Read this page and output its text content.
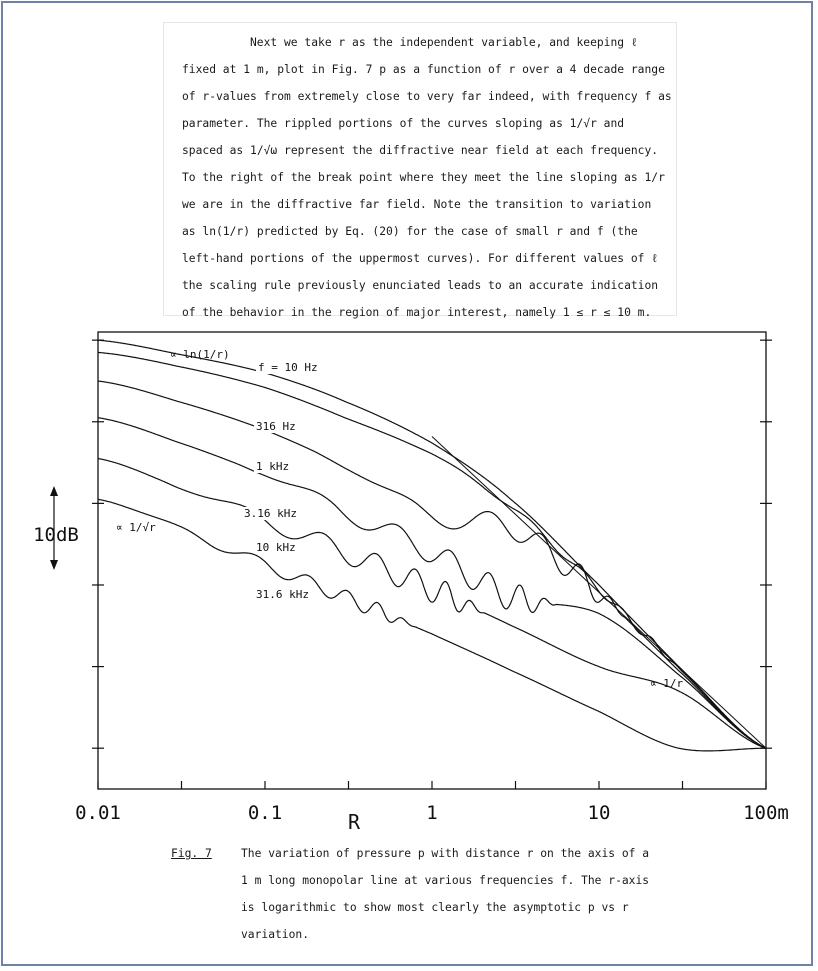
Next we take r as the independent variable, and keeping ℓ
fixed at 1 m, plot in Fig. 7 p as a function of r over a 4 decade range
of r-values from extremely close to very far indeed, with frequency f as
parameter. The rippled portions of the curves sloping as 1/√r and
spaced as 1/√ω represent the diffractive near field at each frequency.
To the right of the break point where they meet the line sloping as 1/r
we are in the diffractive far field. Note the transition to variation
as ln(1/r) predicted by Eq. (20) for the case of small r and f (the
left-hand portions of the uppermost curves). For different values of ℓ
the scaling rule previously enunciated leads to an accurate indication
of the behavior in the region of major interest, namely 1 ≤ r ≤ 10 m.
f = 10 Hz
316 Hz
1 kHz
3.16 kHz
10 kHz
31.6 kHz
0.01	0.1	1	10	100m
R
10dB
∝ ln(1/r)
∝ 1/√r
∝ 1/r
Fig. 7	The variation of pressure p with distance r on the axis of a
1 m long monopolar line at various frequencies f. The r-axis
is logarithmic to show most clearly the asymptotic p vs r
variation.
